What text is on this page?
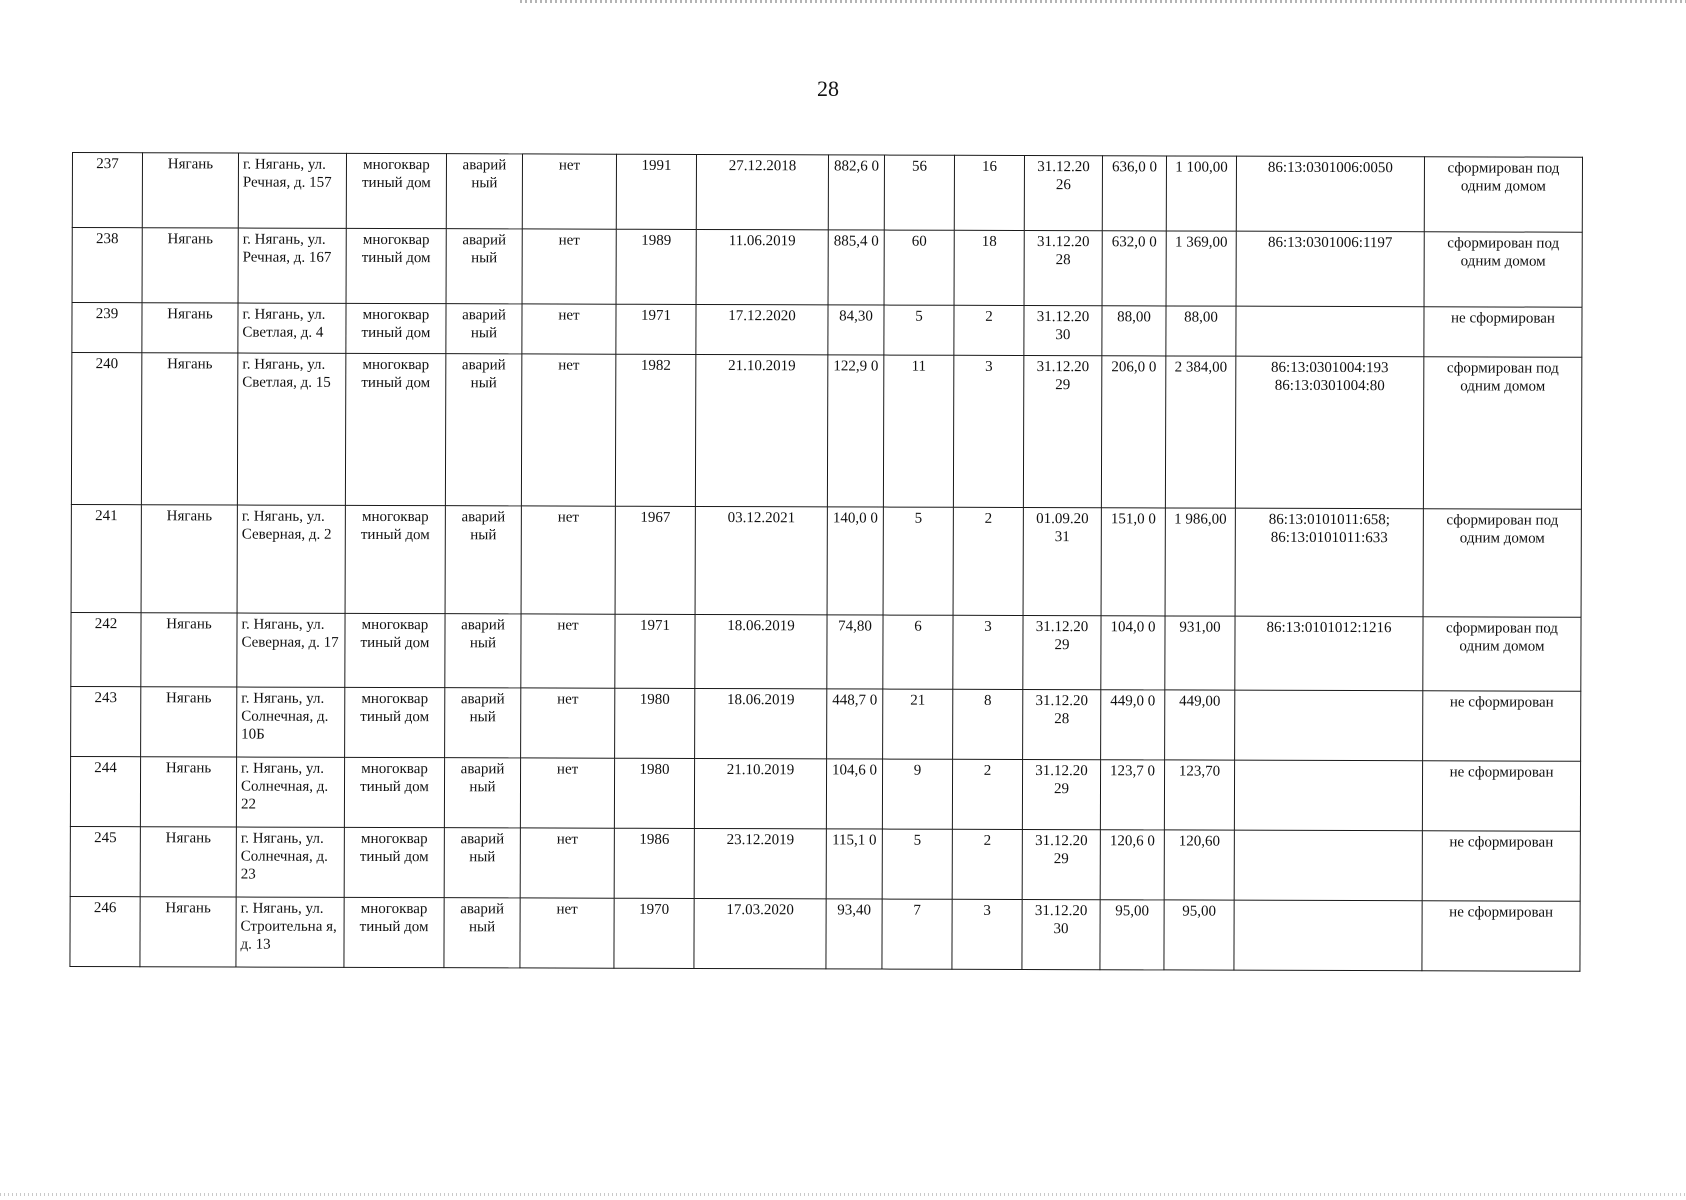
28
237	Нягань	г. Нягань, ул. Речная, д. 157	многоквар тиный дом	аварий ный	нет	1991	27.12.2018	882,6 0	56	16	31.12.20 26	636,0 0	1 100,00	86:13:0301006:0050	сформирован под одним домом
238	Нягань	г. Нягань, ул. Речная, д. 167	многоквар тиный дом	аварий ный	нет	1989	11.06.2019	885,4 0	60	18	31.12.20 28	632,0 0	1 369,00	86:13:0301006:1197	сформирован под одним домом
239	Нягань	г. Нягань, ул. Светлая, д. 4	многоквар тиный дом	аварий ный	нет	1971	17.12.2020	84,30	5	2	31.12.20 30	88,00	88,00		не сформирован
240	Нягань	г. Нягань, ул. Светлая, д. 15	многоквар тиный дом	аварий ный	нет	1982	21.10.2019	122,9 0	11	3	31.12.20 29	206,0 0	2 384,00	86:13:0301004:193 86:13:0301004:80	сформирован под одним домом
241	Нягань	г. Нягань, ул. Северная, д. 2	многоквар тиный дом	аварий ный	нет	1967	03.12.2021	140,0 0	5	2	01.09.20 31	151,0 0	1 986,00	86:13:0101011:658; 86:13:0101011:633	сформирован под одним домом
242	Нягань	г. Нягань, ул. Северная, д. 17	многоквар тиный дом	аварий ный	нет	1971	18.06.2019	74,80	6	3	31.12.20 29	104,0 0	931,00	86:13:0101012:1216	сформирован под одним домом
243	Нягань	г. Нягань, ул. Солнечная, д. 10Б	многоквар тиный дом	аварий ный	нет	1980	18.06.2019	448,7 0	21	8	31.12.20 28	449,0 0	449,00		не сформирован
244	Нягань	г. Нягань, ул. Солнечная, д. 22	многоквар тиный дом	аварий ный	нет	1980	21.10.2019	104,6 0	9	2	31.12.20 29	123,7 0	123,70		не сформирован
245	Нягань	г. Нягань, ул. Солнечная, д. 23	многоквар тиный дом	аварий ный	нет	1986	23.12.2019	115,1 0	5	2	31.12.20 29	120,6 0	120,60		не сформирован
246	Нягань	г. Нягань, ул. Строительна я, д. 13	многоквар тиный дом	аварий ный	нет	1970	17.03.2020	93,40	7	3	31.12.20 30	95,00	95,00		не сформирован
